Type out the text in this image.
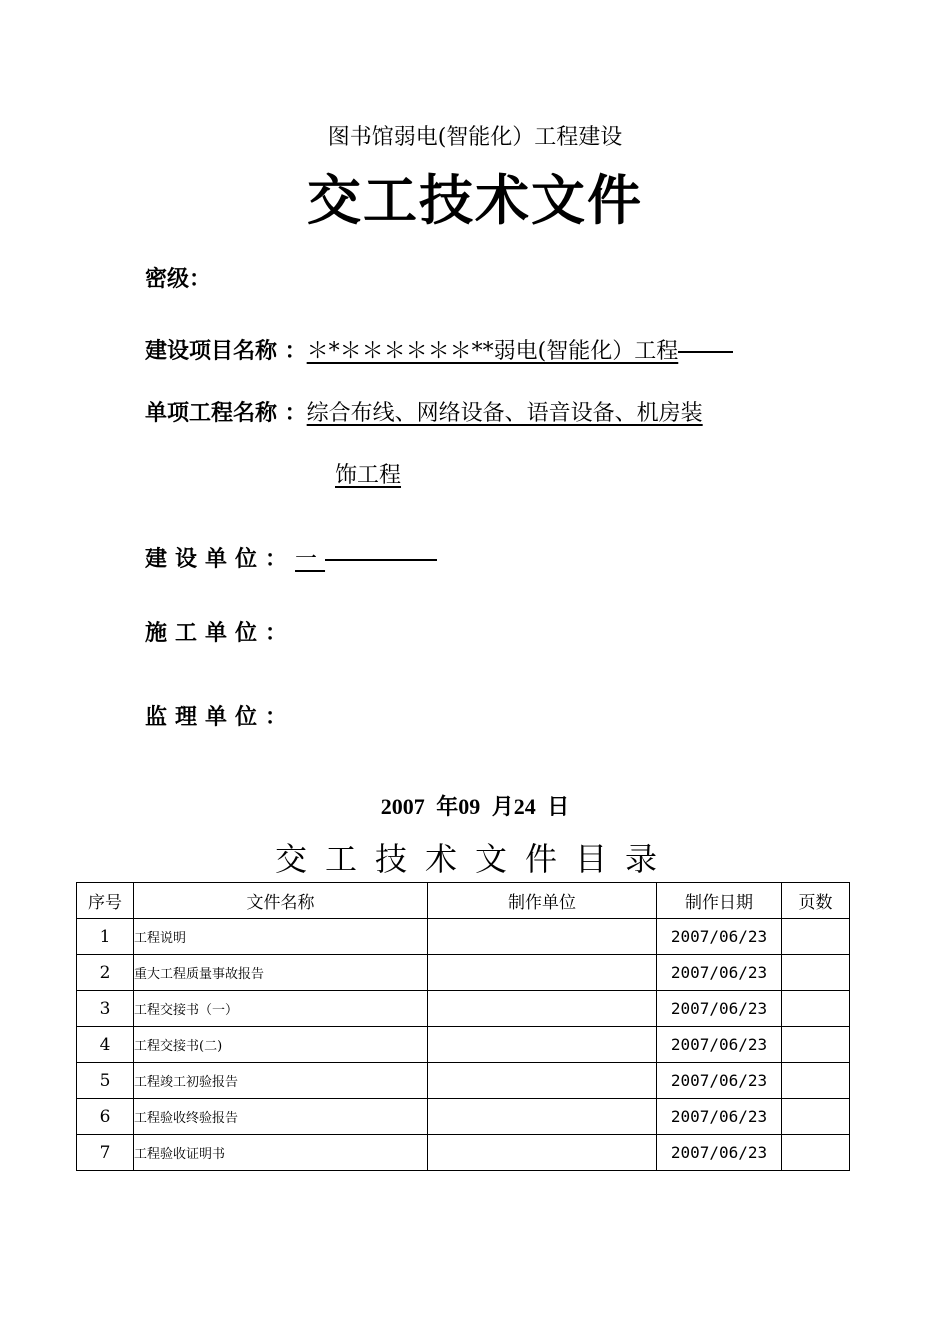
图书馆弱电(智能化）工程建设
交工技术文件
密级：
建设项目名称 ：＊*＊＊＊＊＊＊**弱电(智能化）工程
单项工程名称 ：综合布线、网络设备、语音设备、机房装
饰工程
建设单位：一
施工单位：
监理单位：
2007 年09 月24 日
交工技术文件目录
序号	文件名称	制作单位	制作日期	页数
1	工程说明		2007/06/23	
2	重大工程质量事故报告		2007/06/23	
3	工程交接书（一）		2007/06/23	
4	工程交接书(二)		2007/06/23	
5	工程竣工初验报告		2007/06/23	
6	工程验收终验报告		2007/06/23	
7	工程验收证明书		2007/06/23	
